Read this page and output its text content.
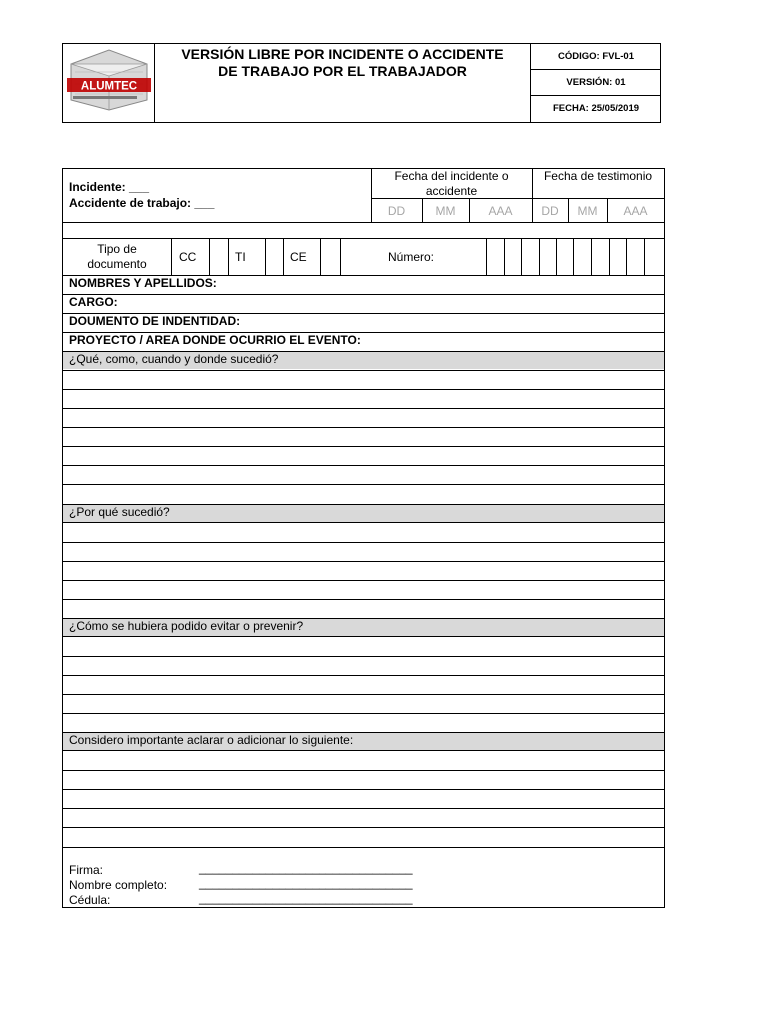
ALUMTEC
VERSIÓN LIBRE POR INCIDENTE O ACCIDENTE
DE TRABAJO POR EL TRABAJADOR
CÓDIGO: FVL-01
VERSIÓN: 01
FECHA: 25/05/2019
Incidente: ___
Accidente de trabajo: ___
Fecha del incidente o
accidente
Fecha de testimonio
DD	MM	AAA	DD	MM	AAA
Tipo de
documento	CC	TI	CE	Número:
NOMBRES Y APELLIDOS:
CARGO:
DOUMENTO DE INDENTIDAD:
PROYECTO / AREA DONDE OCURRIO EL EVENTO:
¿Qué, como, cuando y donde sucedió?
¿Por qué sucedió?
¿Cómo se hubiera podido evitar o prevenir?
Considero importante aclarar o adicionar lo siguiente:
Firma:	________________________________
Nombre completo:	________________________________
Cédula:	________________________________
